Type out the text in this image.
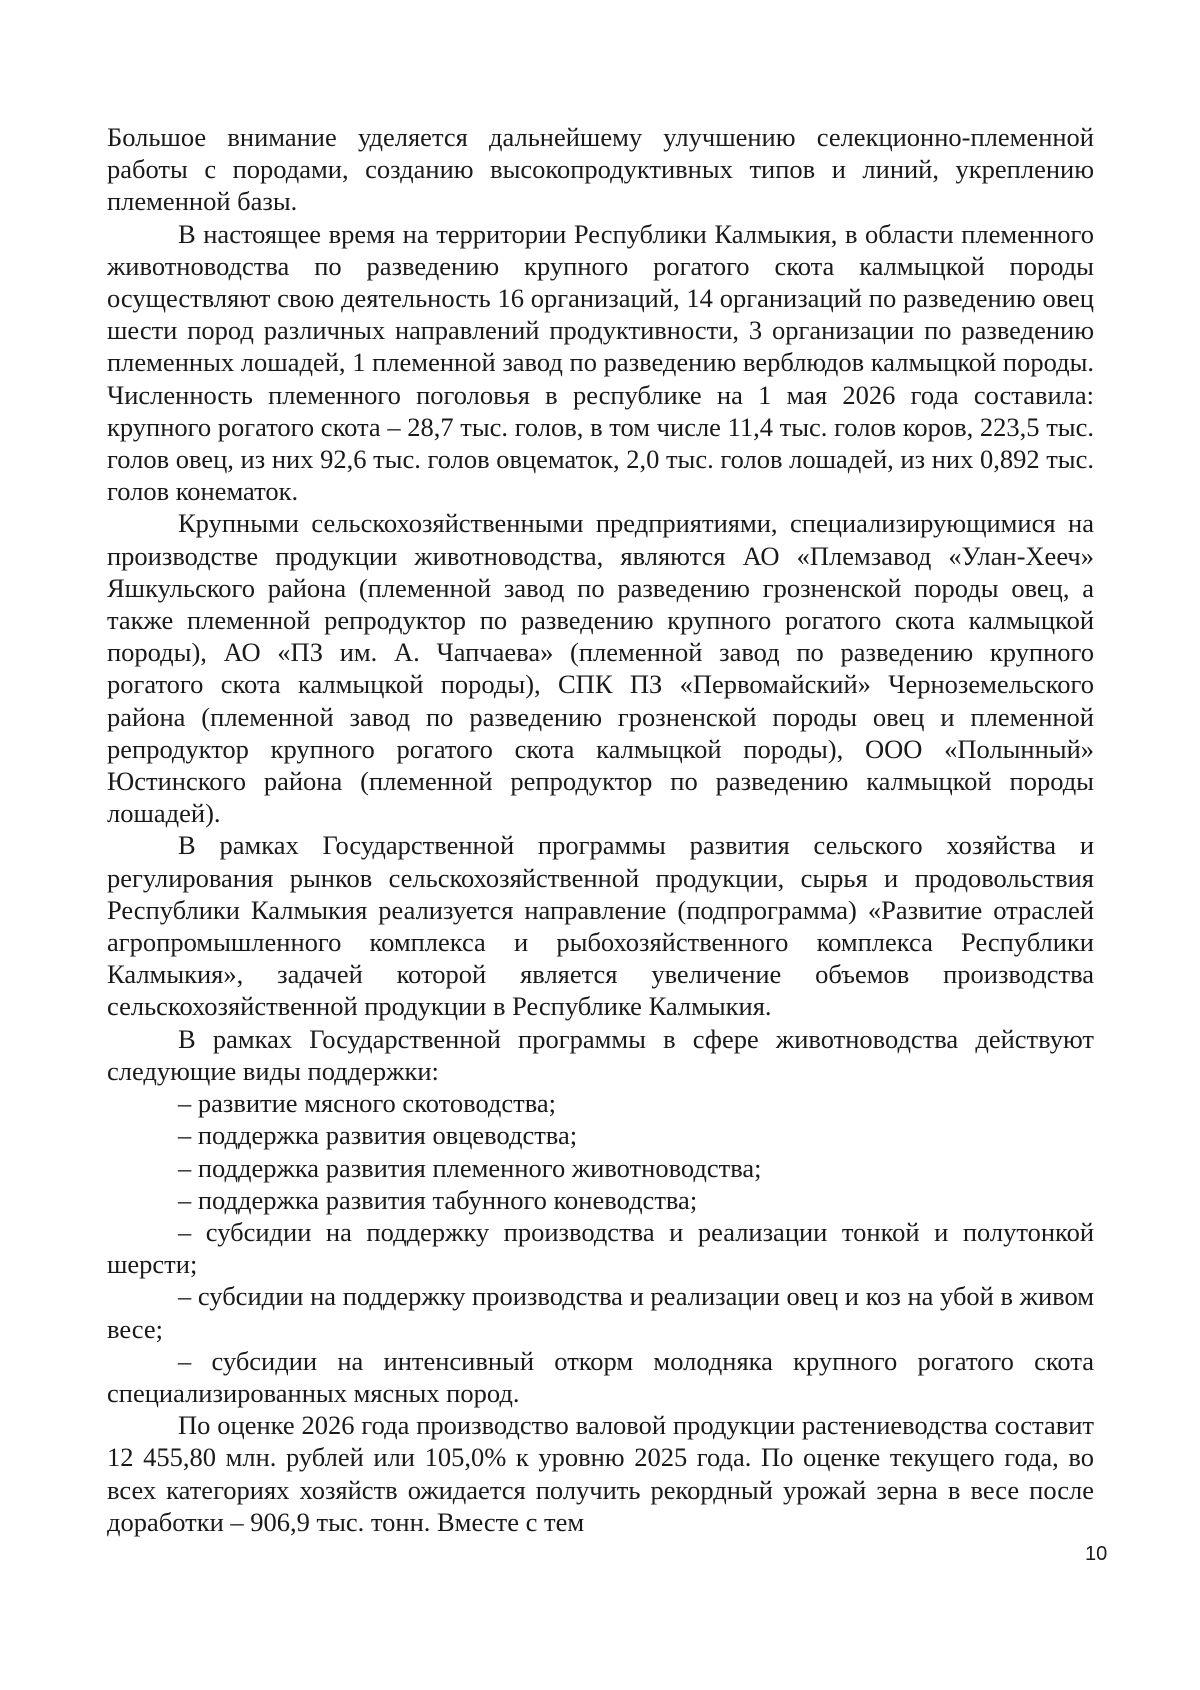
Большое внимание уделяется дальнейшему улучшению селекционно-племенной работы с породами, созданию высокопродуктивных типов и линий, укреплению племенной базы.

В настоящее время на территории Республики Калмыкия, в области племенного животноводства по разведению крупного рогатого скота калмыцкой породы осуществляют свою деятельность 16 организаций, 14 организаций по разведению овец шести пород различных направлений продуктивности, 3 организации по разведению племенных лошадей, 1 племенной завод по разведению верблюдов калмыцкой породы. Численность племенного поголовья в республике на 1 мая 2026 года составила: крупного рогатого скота – 28,7 тыс. голов, в том числе 11,4 тыс. голов коров, 223,5 тыс. голов овец, из них 92,6 тыс. голов овцематок, 2,0 тыс. голов лошадей, из них 0,892 тыс. голов конематок.

Крупными сельскохозяйственными предприятиями, специализирующимися на производстве продукции животноводства, являются АО «Племзавод «Улан-Хееч» Яшкульского района (племенной завод по разведению грозненской породы овец, а также племенной репродуктор по разведению крупного рогатого скота калмыцкой породы), АО «ПЗ им. А. Чапчаева» (племенной завод по разведению крупного рогатого скота калмыцкой породы), СПК ПЗ «Первомайский» Черноземельского района (племенной завод по разведению грозненской породы овец и племенной репродуктор крупного рогатого скота калмыцкой породы), ООО «Полынный» Юстинского района (племенной репродуктор по разведению калмыцкой породы лошадей).

В рамках Государственной программы развития сельского хозяйства и регулирования рынков сельскохозяйственной продукции, сырья и продовольствия Республики Калмыкия реализуется направление (подпрограмма) «Развитие отраслей агропромышленного комплекса и рыбохозяйственного комплекса Республики Калмыкия», задачей которой является увеличение объемов производства сельскохозяйственной продукции в Республике Калмыкия.

В рамках Государственной программы в сфере животноводства действуют следующие виды поддержки:

– развитие мясного скотоводства;
– поддержка развития овцеводства;
– поддержка развития племенного животноводства;
– поддержка развития табунного коневодства;
– субсидии на поддержку производства и реализации тонкой и полутонкой шерсти;
– субсидии на поддержку производства и реализации овец и коз на убой в живом весе;
– субсидии на интенсивный откорм молодняка крупного рогатого скота специализированных мясных пород.

По оценке 2026 года производство валовой продукции растениеводства составит 12 455,80 млн. рублей или 105,0% к уровню 2025 года. По оценке текущего года, во всех категориях хозяйств ожидается получить рекордный урожай зерна в весе после доработки – 906,9 тыс. тонн. Вместе с тем

10
